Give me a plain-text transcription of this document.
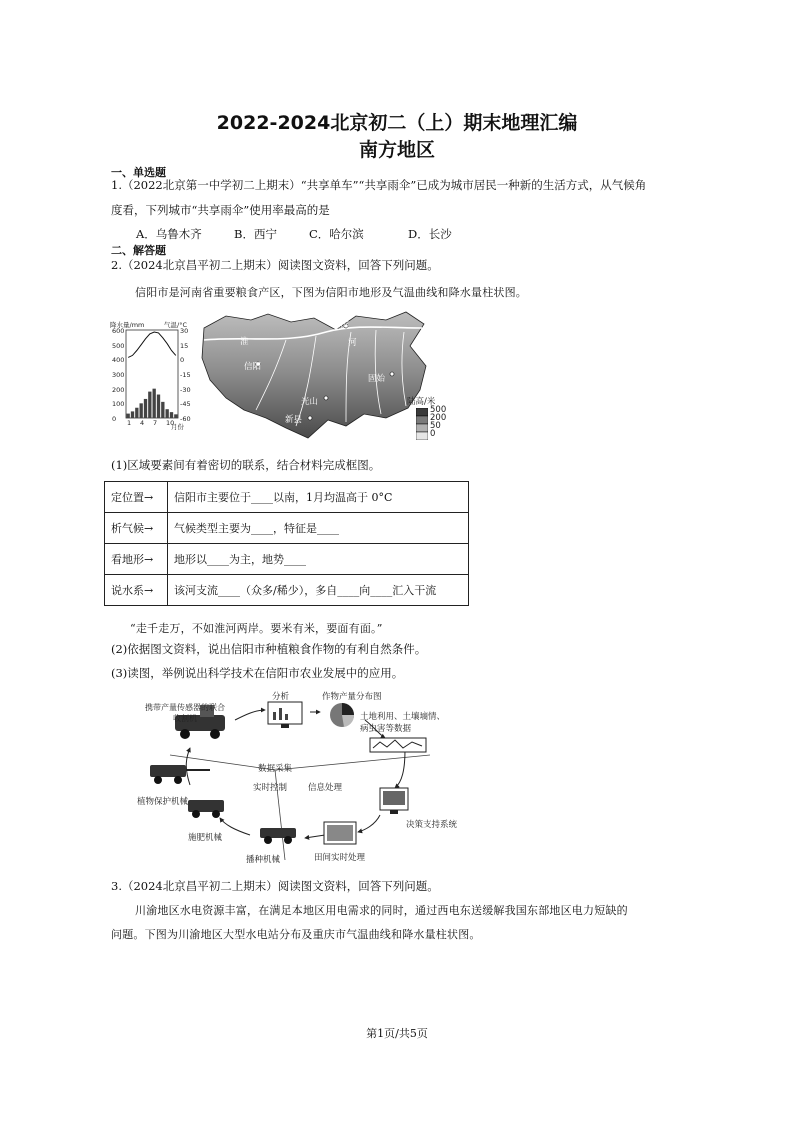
2022-2024北京初二（上）期末地理汇编
南方地区
一、单选题
1.（2022北京第一中学初二上期末）“共享单车”“共享雨伞”已成为城市居民一种新的生活方式，从气候角
度看，下列城市“共享雨伞”使用率最高的是
A．乌鲁木齐	B．西宁	C．哈尔滨	D．长沙
二、解答题
2.（2024北京昌平初二上期末）阅读图文资料，回答下列问题。
信阳市是河南省重要粮食产区，下图为信阳市地形及气温曲线和降水量柱状图。
降水量/mm	气温/°C
600
500
400
300
200
100
0
30
15
0
-15
-30
-45
-60
1 4 7 10
月份
淮滨
淮	河
信阳
固始
光山
新县
陆高/米
500
200
50
0
(1)区域要素间有着密切的联系，结合材料完成框图。
定位置→	信阳市主要位于____以南，1月均温高于 0°C
析气候→	气候类型主要为____，特征是____
看地形→	地形以____为主，地势____
说水系→	该河支流____（众多/稀少），多自____向____汇入干流
“走千走万，不如淮河两岸。要米有米，要面有面。”
(2)依据图文资料，说出信阳市种植粮食作物的有利自然条件。
(3)读图，举例说出科学技术在信阳市农业发展中的应用。
携带产量传感器的联合收割机
分析	作物产量分布图
土地利用、土壤墒情、病虫害等数据
数据采集
实时控制 信息处理
决策支持系统
田间实时处理
播种机械
施肥机械
植物保护机械
3.（2024北京昌平初二上期末）阅读图文资料，回答下列问题。
川渝地区水电资源丰富，在满足本地区用电需求的同时，通过西电东送缓解我国东部地区电力短缺的
问题。下图为川渝地区大型水电站分布及重庆市气温曲线和降水量柱状图。
第1页/共5页
